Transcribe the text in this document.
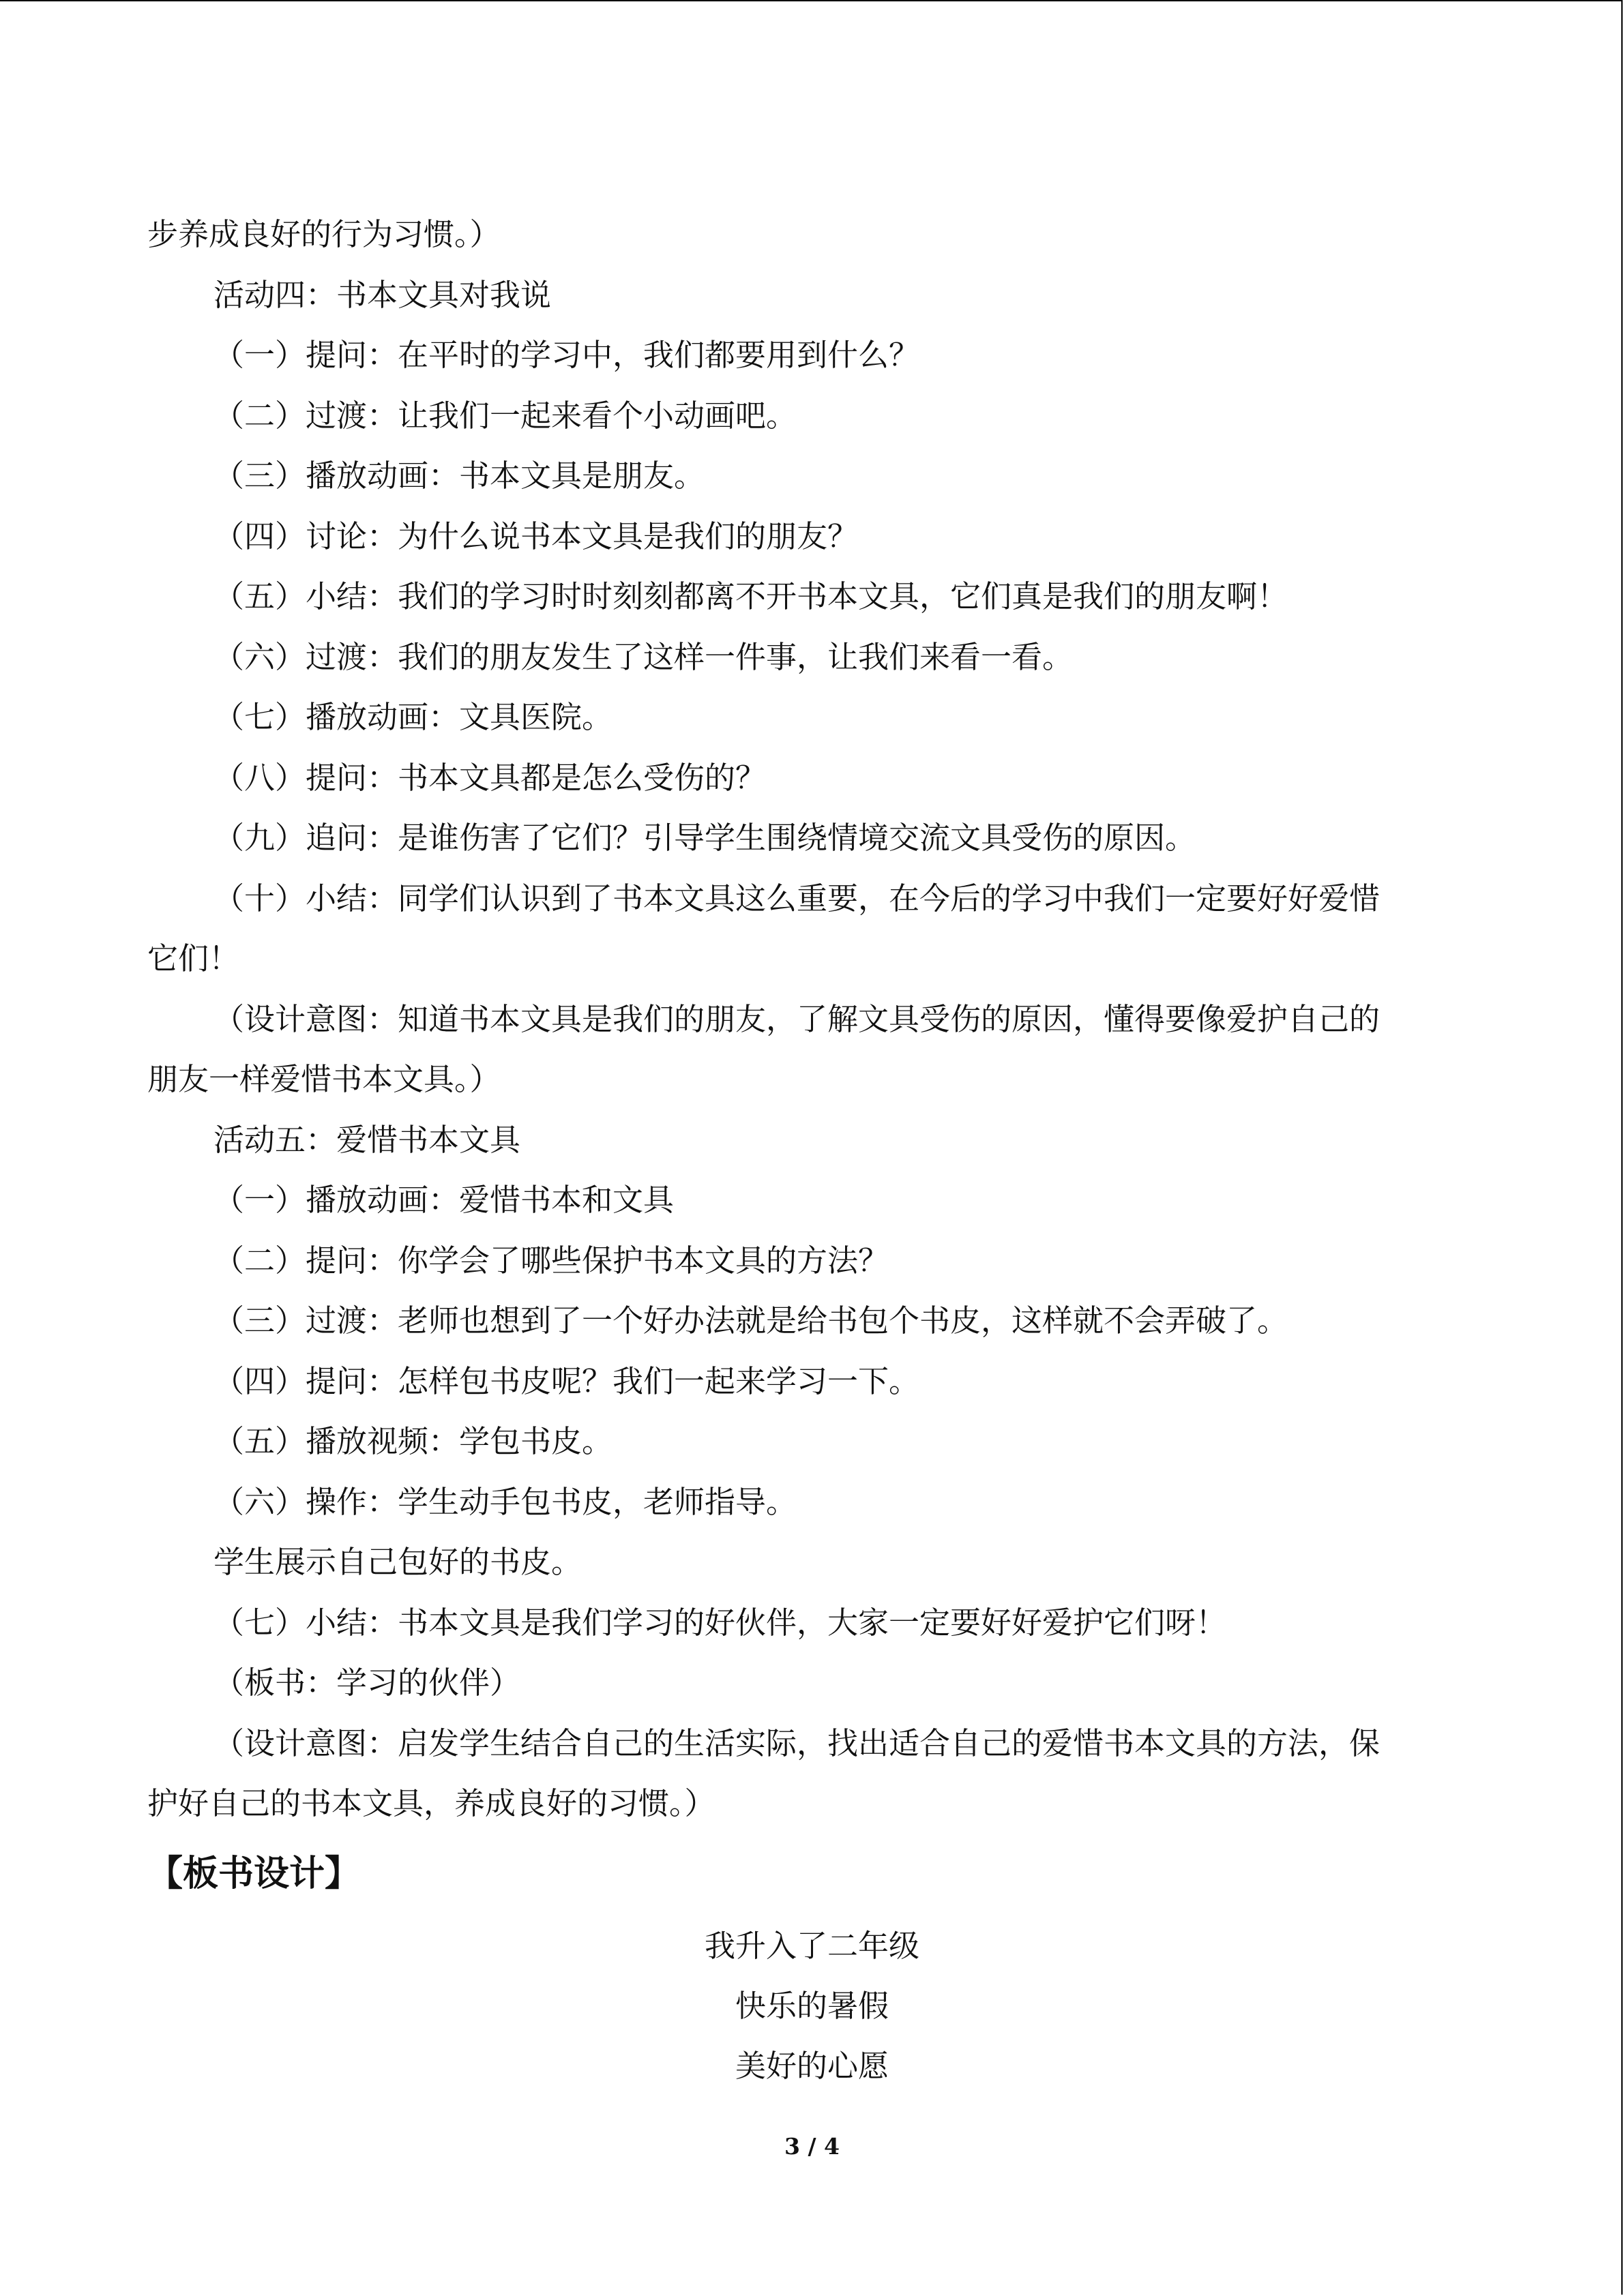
步养成良好的行为习惯。）

活动四：书本文具对我说

（一）提问：在平时的学习中，我们都要用到什么？

（二）过渡：让我们一起来看个小动画吧。

（三）播放动画：书本文具是朋友。

（四）讨论：为什么说书本文具是我们的朋友？

（五）小结：我们的学习时时刻刻都离不开书本文具，它们真是我们的朋友啊！

（六）过渡：我们的朋友发生了这样一件事，让我们来看一看。

（七）播放动画：文具医院。

（八）提问：书本文具都是怎么受伤的？

（九）追问：是谁伤害了它们？引导学生围绕情境交流文具受伤的原因。

（十）小结：同学们认识到了书本文具这么重要，在今后的学习中我们一定要好好爱惜

它们！

（设计意图：知道书本文具是我们的朋友，了解文具受伤的原因，懂得要像爱护自己的

朋友一样爱惜书本文具。）

活动五：爱惜书本文具

（一）播放动画：爱惜书本和文具

（二）提问：你学会了哪些保护书本文具的方法？

（三）过渡：老师也想到了一个好办法就是给书包个书皮，这样就不会弄破了。

（四）提问：怎样包书皮呢？我们一起来学习一下。

（五）播放视频：学包书皮。

（六）操作：学生动手包书皮，老师指导。

学生展示自己包好的书皮。

（七）小结：书本文具是我们学习的好伙伴，大家一定要好好爱护它们呀！

（板书：学习的伙伴）

（设计意图：启发学生结合自己的生活实际，找出适合自己的爱惜书本文具的方法，保

护好自己的书本文具，养成良好的习惯。）

【板书设计】

我升入了二年级

快乐的暑假

美好的心愿

3 / 4
